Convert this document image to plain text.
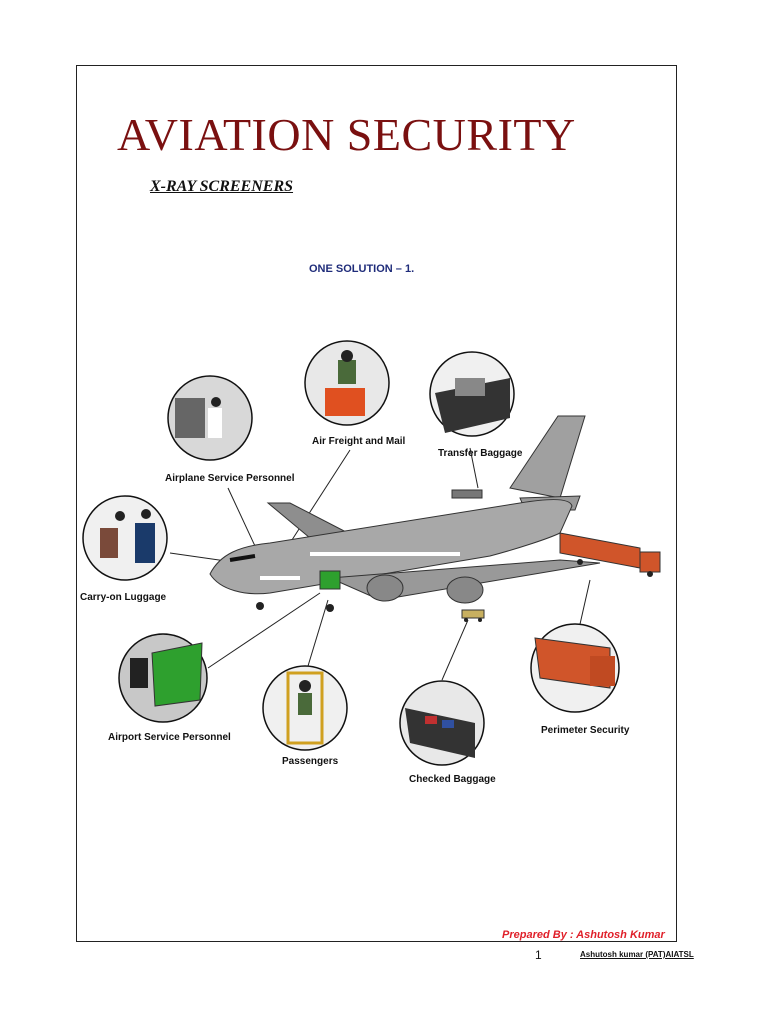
AVIATION SECURITY
X-RAY SCREENERS
ONE SOLUTION – 1.
Airplane Service Personnel
Air Freight and Mail
Transfer Baggage
Carry-on Luggage
Airport Service Personnel
Passengers
Checked Baggage
Perimeter Security
Prepared By : Ashutosh Kumar
1	Ashutosh kumar (PAT)AIATSL
